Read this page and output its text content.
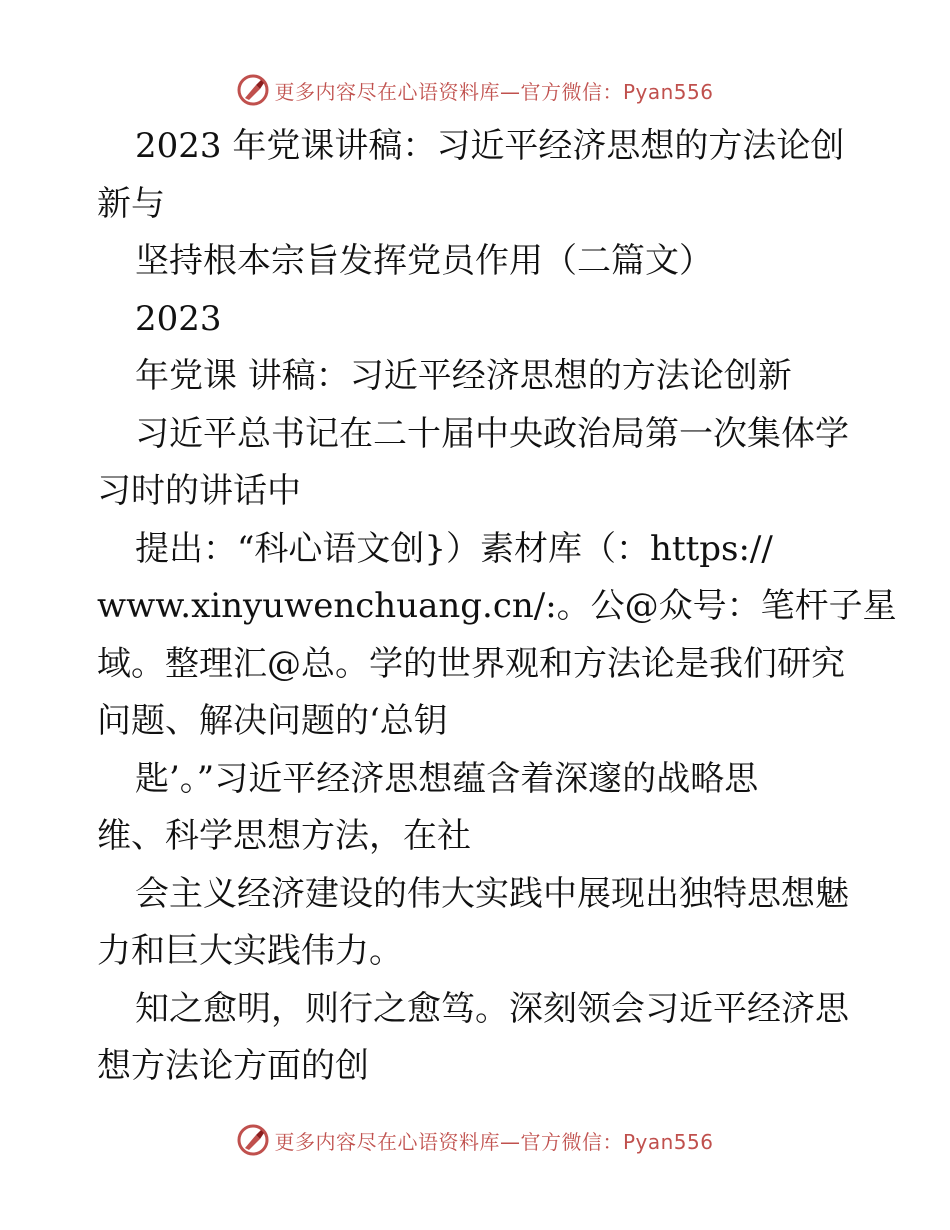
更多内容尽在心语资料库—官方微信：Pyan556
2023 年党课讲稿：习近平经济思想的方法论创
新与
坚持根本宗旨发挥党员作用（二篇文）
2023
年党课 讲稿：习近平经济思想的方法论创新
习近平总书记在二十届中央政治局第一次集体学
习时的讲话中
提出：“科心语文创}）素材库（：https://
www.xinyuwenchuang.cn/:。公@众号：笔杆子星
域。整理汇@总。学的世界观和方法论是我们研究
问题、解决问题的‘总钥
匙’。”习近平经济思想蕴含着深邃的战略思
维、科学思想方法，在社
会主义经济建设的伟大实践中展现出独特思想魅
力和巨大实践伟力。
知之愈明，则行之愈笃。深刻领会习近平经济思
想方法论方面的创
更多内容尽在心语资料库—官方微信：Pyan556
